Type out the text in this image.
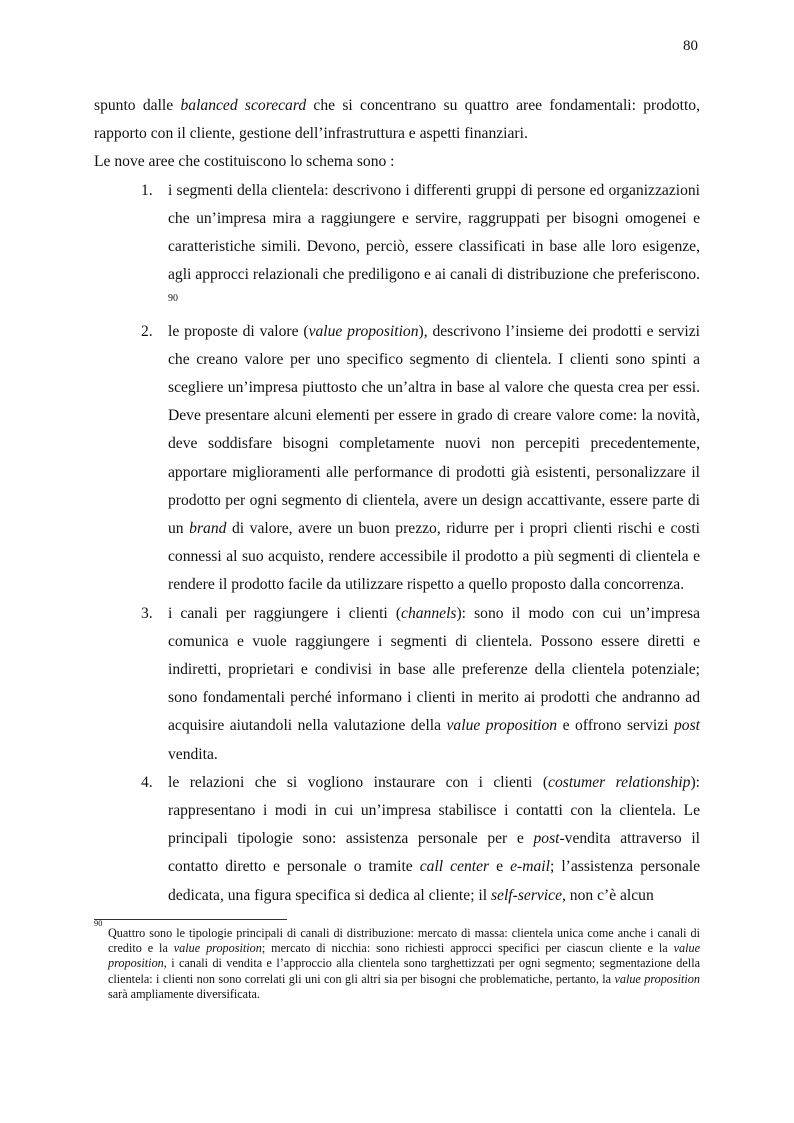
80

spunto dalle balanced scorecard che si concentrano su quattro aree fondamentali: prodotto, rapporto con il cliente, gestione dell’infrastruttura e aspetti finanziari.

Le nove aree che costituiscono lo schema sono :

1. i segmenti della clientela: descrivono i differenti gruppi di persone ed organizzazioni che un’impresa mira a raggiungere e servire, raggruppati per bisogni omogenei e caratteristiche simili. Devono, perciò, essere classificati in base alle loro esigenze, agli approcci relazionali che prediligono e ai canali di distribuzione che preferiscono. $^{90}$
2. le proposte di valore (value proposition), descrivono l’insieme dei prodotti e servizi che creano valore per uno specifico segmento di clientela. I clienti sono spinti a scegliere un’impresa piuttosto che un’altra in base al valore che questa crea per essi. Deve presentare alcuni elementi per essere in grado di creare valore come: la novità, deve soddisfare bisogni completamente nuovi non percepiti precedentemente, apportare miglioramenti alle performance di prodotti già esistenti, personalizzare il prodotto per ogni segmento di clientela, avere un design accattivante, essere parte di un brand di valore, avere un buon prezzo, ridurre per i propri clienti rischi e costi connessi al suo acquisto, rendere accessibile il prodotto a più segmenti di clientela e rendere il prodotto facile da utilizzare rispetto a quello proposto dalla concorrenza.
3. i canali per raggiungere i clienti (channels): sono il modo con cui un’impresa comunica e vuole raggiungere i segmenti di clientela. Possono essere diretti e indiretti, proprietari e condivisi in base alle preferenze della clientela potenziale; sono fondamentali perché informano i clienti in merito ai prodotti che andranno ad acquisire aiutandoli nella valutazione della value proposition e offrono servizi post vendita.
4. le relazioni che si vogliono instaurare con i clienti (costumer relationship): rappresentano i modi in cui un’impresa stabilisce i contatti con la clientela. Le principali tipologie sono: assistenza personale per e post-vendita attraverso il contatto diretto e personale o tramite call center e e-mail; l’assistenza personale dedicata, una figura specifica si dedica al cliente; il self-service, non c’è alcun
90
Quattro sono le tipologie principali di canali di distribuzione: mercato di massa: clientela unica come anche i canali di credito e la value proposition; mercato di nicchia: sono richiesti approcci specifici per ciascun cliente e la value proposition, i canali di vendita e l’approccio alla clientela sono targhettizzati per ogni segmento; segmentazione della clientela: i clienti non sono correlati gli uni con gli altri sia per bisogni che problematiche, pertanto, la value proposition sarà ampliamente diversificata.
